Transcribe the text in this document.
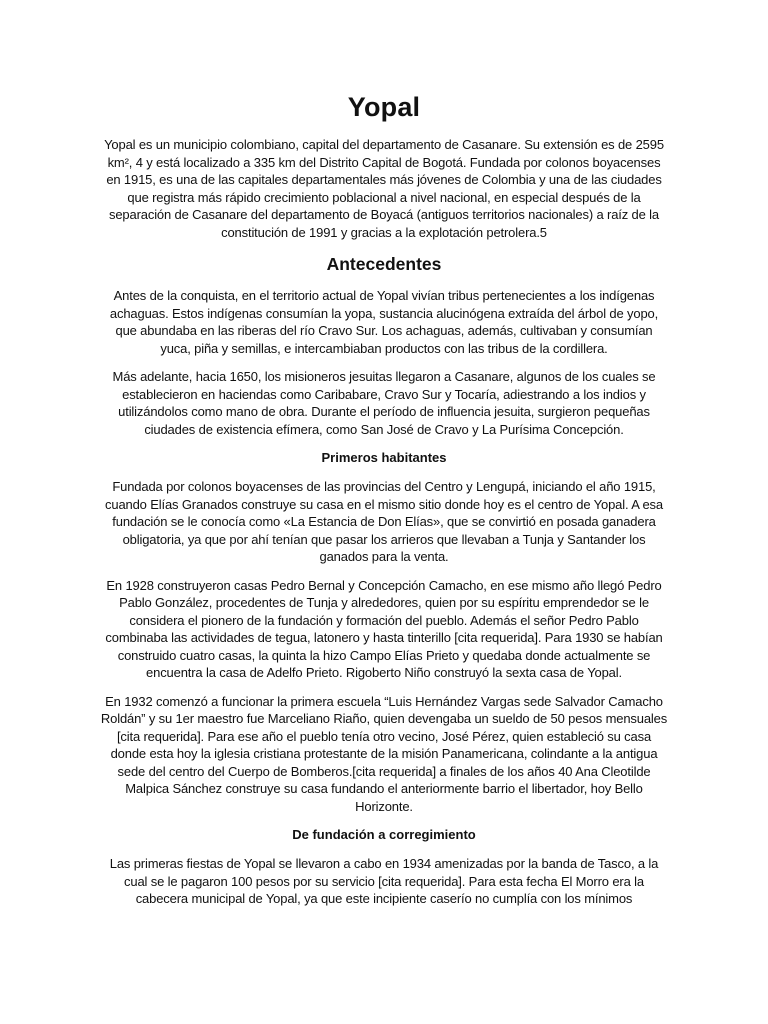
Yopal

Yopal es un municipio colombiano, capital del departamento de Casanare. Su extensión es de 2595 km², 4 y está localizado a 335 km del Distrito Capital de Bogotá. Fundada por colonos boyacenses en 1915, es una de las capitales departamentales más jóvenes de Colombia y una de las ciudades que registra más rápido crecimiento poblacional a nivel nacional, en especial después de la separación de Casanare del departamento de Boyacá (antiguos territorios nacionales) a raíz de la constitución de 1991 y gracias a la explotación petrolera.5

Antecedentes

Antes de la conquista, en el territorio actual de Yopal vivían tribus pertenecientes a los indígenas achaguas. Estos indígenas consumían la yopa, sustancia alucinógena extraída del árbol de yopo, que abundaba en las riberas del río Cravo Sur. Los achaguas, además, cultivaban y consumían yuca, piña y semillas, e intercambiaban productos con las tribus de la cordillera.

Más adelante, hacia 1650, los misioneros jesuitas llegaron a Casanare, algunos de los cuales se establecieron en haciendas como Caribabare, Cravo Sur y Tocaría, adiestrando a los indios y utilizándolos como mano de obra. Durante el período de influencia jesuita, surgieron pequeñas ciudades de existencia efímera, como San José de Cravo y La Purísima Concepción.

Primeros habitantes

Fundada por colonos boyacenses de las provincias del Centro y Lengupá, iniciando el año 1915, cuando Elías Granados construye su casa en el mismo sitio donde hoy es el centro de Yopal. A esa fundación se le conocía como «La Estancia de Don Elías», que se convirtió en posada ganadera obligatoria, ya que por ahí tenían que pasar los arrieros que llevaban a Tunja y Santander los ganados para la venta.

En 1928 construyeron casas Pedro Bernal y Concepción Camacho, en ese mismo año llegó Pedro Pablo González, procedentes de Tunja y alrededores, quien por su espíritu emprendedor se le considera el pionero de la fundación y formación del pueblo. Además el señor Pedro Pablo combinaba las actividades de tegua, latonero y hasta tinterillo [cita requerida]. Para 1930 se habían construido cuatro casas, la quinta la hizo Campo Elías Prieto y quedaba donde actualmente se encuentra la casa de Adelfo Prieto. Rigoberto Niño construyó la sexta casa de Yopal.

En 1932 comenzó a funcionar la primera escuela “Luis Hernández Vargas sede Salvador Camacho Roldán” y su 1er maestro fue Marceliano Riaño, quien devengaba un sueldo de 50 pesos mensuales [cita requerida]. Para ese año el pueblo tenía otro vecino, José Pérez, quien estableció su casa donde esta hoy la iglesia cristiana protestante de la misión Panamericana, colindante a la antigua sede del centro del Cuerpo de Bomberos.[cita requerida] a finales de los años 40 Ana Cleotilde Malpica Sánchez construye su casa fundando el anteriormente barrio el libertador, hoy Bello Horizonte.

De fundación a corregimiento

Las primeras fiestas de Yopal se llevaron a cabo en 1934 amenizadas por la banda de Tasco, a la cual se le pagaron 100 pesos por su servicio [cita requerida]. Para esta fecha El Morro era la cabecera municipal de Yopal, ya que este incipiente caserío no cumplía con los mínimos
